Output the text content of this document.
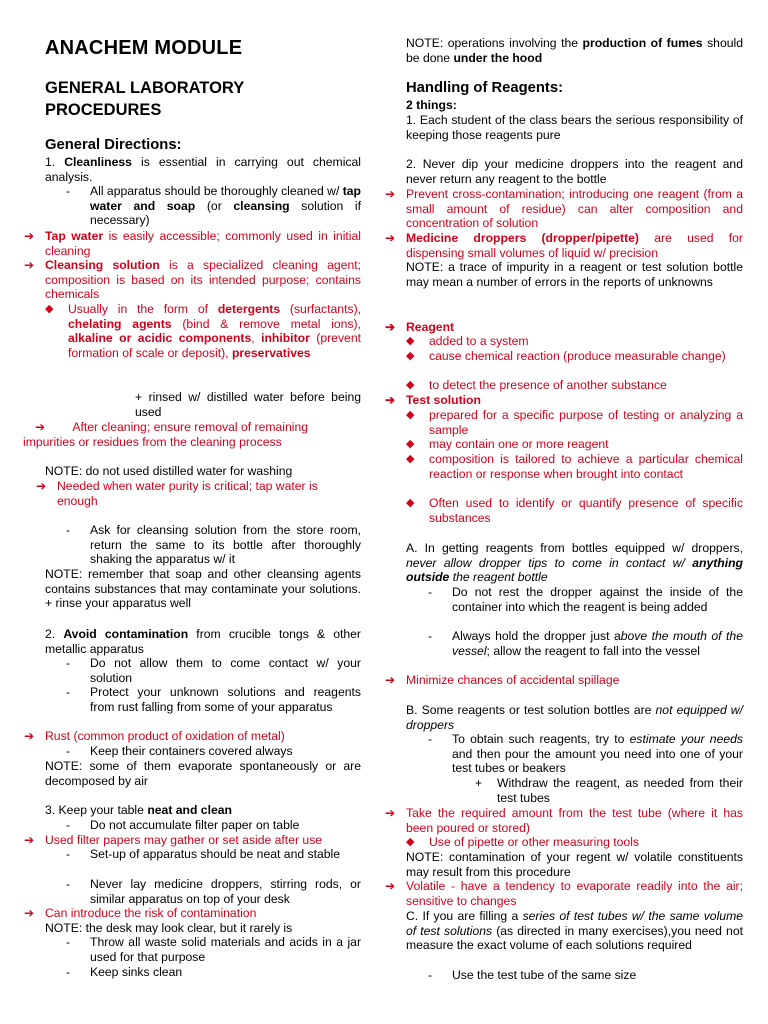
ANACHEM MODULE
GENERAL LABORATORY
PROCEDURES
General Directions:
1. Cleanliness is essential in carrying out chemical analysis.
- All apparatus should be thoroughly cleaned w/ tap water and soap (or cleansing solution if necessary)
➔ Tap water is easily accessible; commonly used in initial cleaning
➔ Cleansing solution is a specialized cleaning agent; composition is based on its intended purpose; contains chemicals
◆ Usually in the form of detergents (surfactants), chelating agents (bind & remove metal ions), alkaline or acidic components, inhibitor (prevent formation of scale or deposit), preservatives
+ rinsed w/ distilled water before being used
➔ After cleaning; ensure removal of remaining impurities or residues from the cleaning process
NOTE: do not used distilled water for washing
➔ Needed when water purity is critical; tap water is enough
- Ask for cleansing solution from the store room, return the same to its bottle after thoroughly shaking the apparatus w/ it
NOTE: remember that soap and other cleansing agents contains substances that may contaminate your solutions. + rinse your apparatus well
2. Avoid contamination from crucible tongs & other metallic apparatus
- Do not allow them to come contact w/ your solution
- Protect your unknown solutions and reagents from rust falling from some of your apparatus
➔ Rust (common product of oxidation of metal)
- Keep their containers covered always
NOTE: some of them evaporate spontaneously or are decomposed by air
3. Keep your table neat and clean
- Do not accumulate filter paper on table
➔ Used filter papers may gather or set aside after use
- Set-up of apparatus should be neat and stable
- Never lay medicine droppers, stirring rods, or similar apparatus on top of your desk
➔ Can introduce the risk of contamination
NOTE: the desk may look clear, but it rarely is
- Throw all waste solid materials and acids in a jar used for that purpose
- Keep sinks clean
NOTE: operations involving the production of fumes should be done under the hood
Handling of Reagents:
2 things:
1. Each student of the class bears the serious responsibility of keeping those reagents pure
2. Never dip your medicine droppers into the reagent and never return any reagent to the bottle
➔ Prevent cross-contamination; introducing one reagent (from a small amount of residue) can alter composition and concentration of solution
➔ Medicine droppers (dropper/pipette) are used for dispensing small volumes of liquid w/ precision
NOTE: a trace of impurity in a reagent or test solution bottle may mean a number of errors in the reports of unknowns
➔ Reagent
◆ added to a system
◆ cause chemical reaction (produce measurable change)
◆ to detect the presence of another substance
➔ Test solution
◆ prepared for a specific purpose of testing or analyzing a sample
◆ may contain one or more reagent
◆ composition is tailored to achieve a particular chemical reaction or response when brought into contact
◆ Often used to identify or quantify presence of specific substances
A. In getting reagents from bottles equipped w/ droppers, never allow dropper tips to come in contact w/ anything outside the reagent bottle
- Do not rest the dropper against the inside of the container into which the reagent is being added
- Always hold the dropper just above the mouth of the vessel; allow the reagent to fall into the vessel
➔ Minimize chances of accidental spillage
B. Some reagents or test solution bottles are not equipped w/ droppers
- To obtain such reagents, try to estimate your needs and then pour the amount you need into one of your test tubes or beakers
+ Withdraw the reagent, as needed from their test tubes
➔ Take the required amount from the test tube (where it has been poured or stored)
◆ Use of pipette or other measuring tools
NOTE: contamination of your regent w/ volatile constituents may result from this procedure
➔ Volatile - have a tendency to evaporate readily into the air; sensitive to changes
C. If you are filling a series of test tubes w/ the same volume of test solutions (as directed in many exercises),you need not measure the exact volume of each solutions required
- Use the test tube of the same size
